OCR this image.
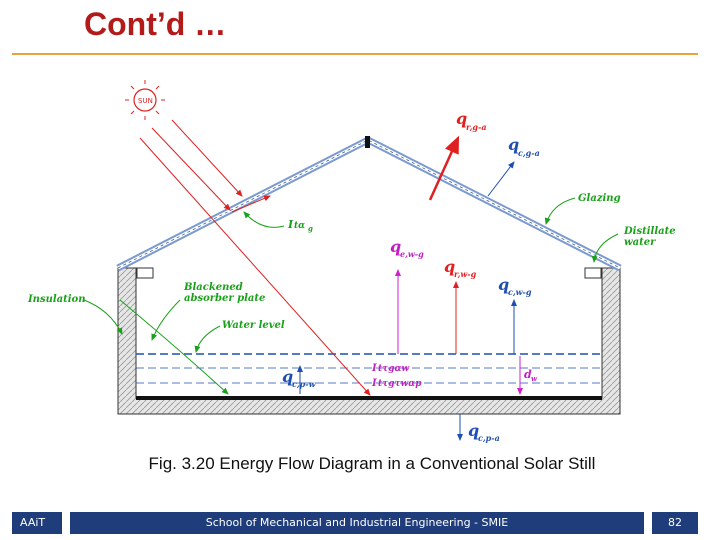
Cont’d …
SUN
Glazing
Distillate
water
Insulation
Blackened
absorber plate
Water level
q
r,g-a
q
c,g-a
I tα g
q
e,w-g
q
r,w-g
q
c,w-g
q
c,p-w
q
c,p-a
I tτgαw
I tτgτwαp
d w
Fig. 3.20 Energy Flow Diagram in a Conventional Solar Still
AAiT	School of Mechanical and Industrial Engineering - SMIE	82
